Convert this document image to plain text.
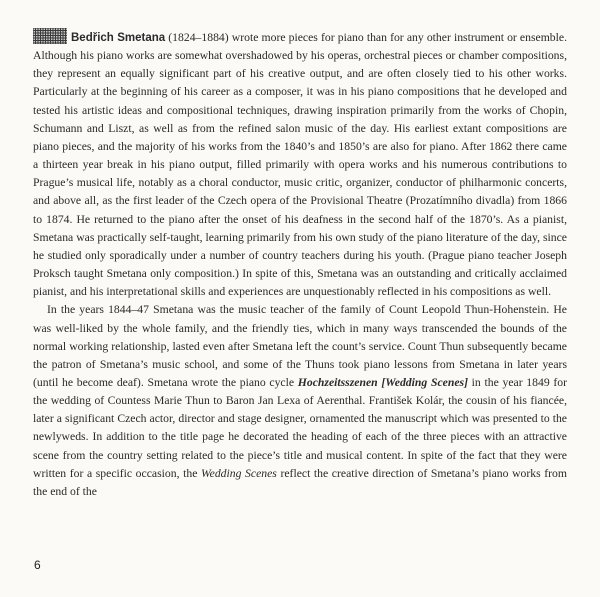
Bedřich Smetana (1824–1884) wrote more pieces for piano than for any other instrument or ensemble. Although his piano works are somewhat overshadowed by his operas, orchestral pieces or chamber compositions, they represent an equally significant part of his creative output, and are often closely tied to his other works. Particularly at the beginning of his career as a composer, it was in his piano compositions that he developed and tested his artistic ideas and compositional techniques, drawing inspiration primarily from the works of Chopin, Schumann and Liszt, as well as from the refined salon music of the day. His earliest extant compositions are piano pieces, and the majority of his works from the 1840’s and 1850’s are also for piano. After 1862 there came a thirteen year break in his piano output, filled primarily with opera works and his numerous contributions to Prague’s musical life, notably as a choral conductor, music critic, organizer, conductor of philharmonic concerts, and above all, as the first leader of the Czech opera of the Provisional Theatre (Prozatímního divadla) from 1866 to 1874. He returned to the piano after the onset of his deafness in the second half of the 1870’s. As a pianist, Smetana was practically self-taught, learning primarily from his own study of the piano literature of the day, since he studied only sporadically under a number of country teachers during his youth. (Prague piano teacher Joseph Proksch taught Smetana only composition.) In spite of this, Smetana was an outstanding and critically acclaimed pianist, and his interpretational skills and experiences are unquestionably reflected in his compositions as well.

In the years 1844–47 Smetana was the music teacher of the family of Count Leopold Thun-Hohenstein. He was well-liked by the whole family, and the friendly ties, which in many ways transcended the bounds of the normal working relationship, lasted even after Smetana left the count’s service. Count Thun subsequently became the patron of Smetana’s music school, and some of the Thuns took piano lessons from Smetana in later years (until he become deaf). Smetana wrote the piano cycle Hochzeitsszenen [Wedding Scenes] in the year 1849 for the wedding of Countess Marie Thun to Baron Jan Lexa of Aerenthal. František Kolár, the cousin of his fiancée, later a significant Czech actor, director and stage designer, ornamented the manuscript which was presented to the newlyweds. In addition to the title page he decorated the heading of each of the three pieces with an attractive scene from the country setting related to the piece’s title and musical content. In spite of the fact that they were written for a specific occasion, the Wedding Scenes reflect the creative direction of Smetana’s piano works from the end of the

6
